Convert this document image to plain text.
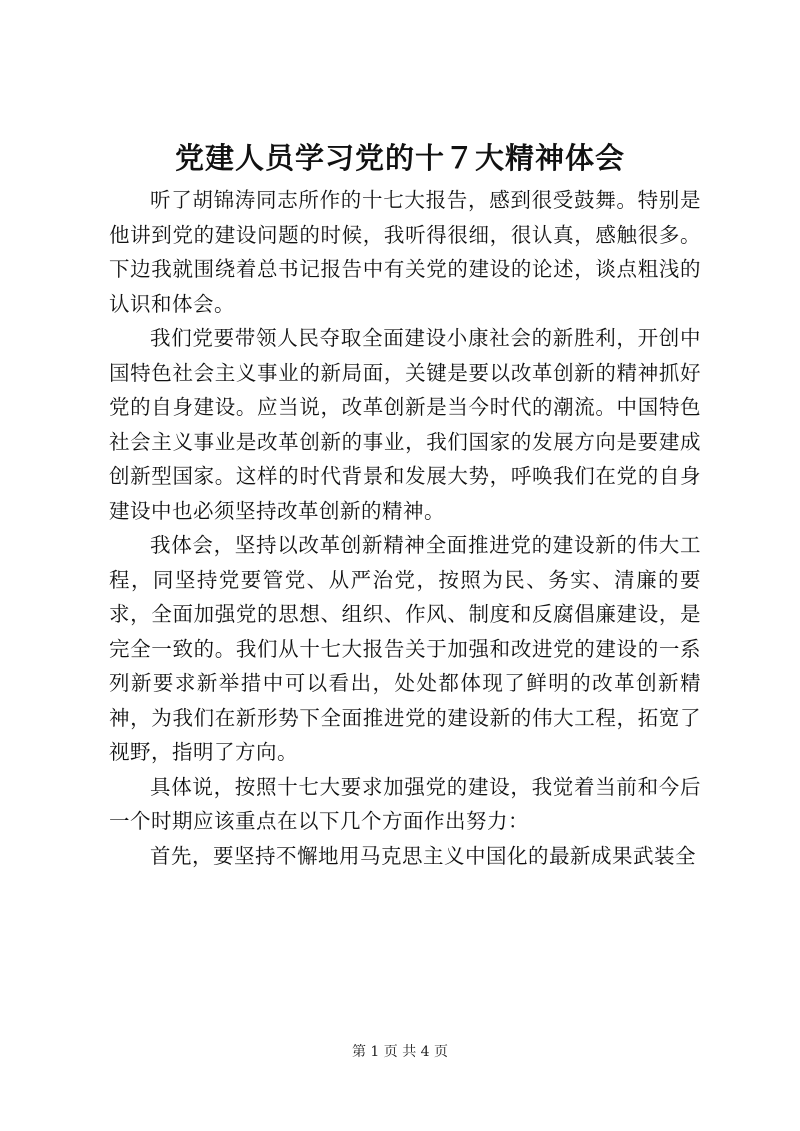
党建人员学习党的十７大精神体会

听了胡锦涛同志所作的十七大报告，感到很受鼓舞。特别是他讲到党的建设问题的时候，我听得很细，很认真，感触很多。下边我就围绕着总书记报告中有关党的建设的论述，谈点粗浅的认识和体会。

我们党要带领人民夺取全面建设小康社会的新胜利，开创中国特色社会主义事业的新局面，关键是要以改革创新的精神抓好党的自身建设。应当说，改革创新是当今时代的潮流。中国特色社会主义事业是改革创新的事业，我们国家的发展方向是要建成创新型国家。这样的时代背景和发展大势，呼唤我们在党的自身建设中也必须坚持改革创新的精神。

我体会，坚持以改革创新精神全面推进党的建设新的伟大工程，同坚持党要管党、从严治党，按照为民、务实、清廉的要求，全面加强党的思想、组织、作风、制度和反腐倡廉建设，是完全一致的。我们从十七大报告关于加强和改进党的建设的一系列新要求新举措中可以看出，处处都体现了鲜明的改革创新精神，为我们在新形势下全面推进党的建设新的伟大工程，拓宽了视野，指明了方向。

具体说，按照十七大要求加强党的建设，我觉着当前和今后一个时期应该重点在以下几个方面作出努力：

首先，要坚持不懈地用马克思主义中国化的最新成果武装全

第 1 页 共 4 页
